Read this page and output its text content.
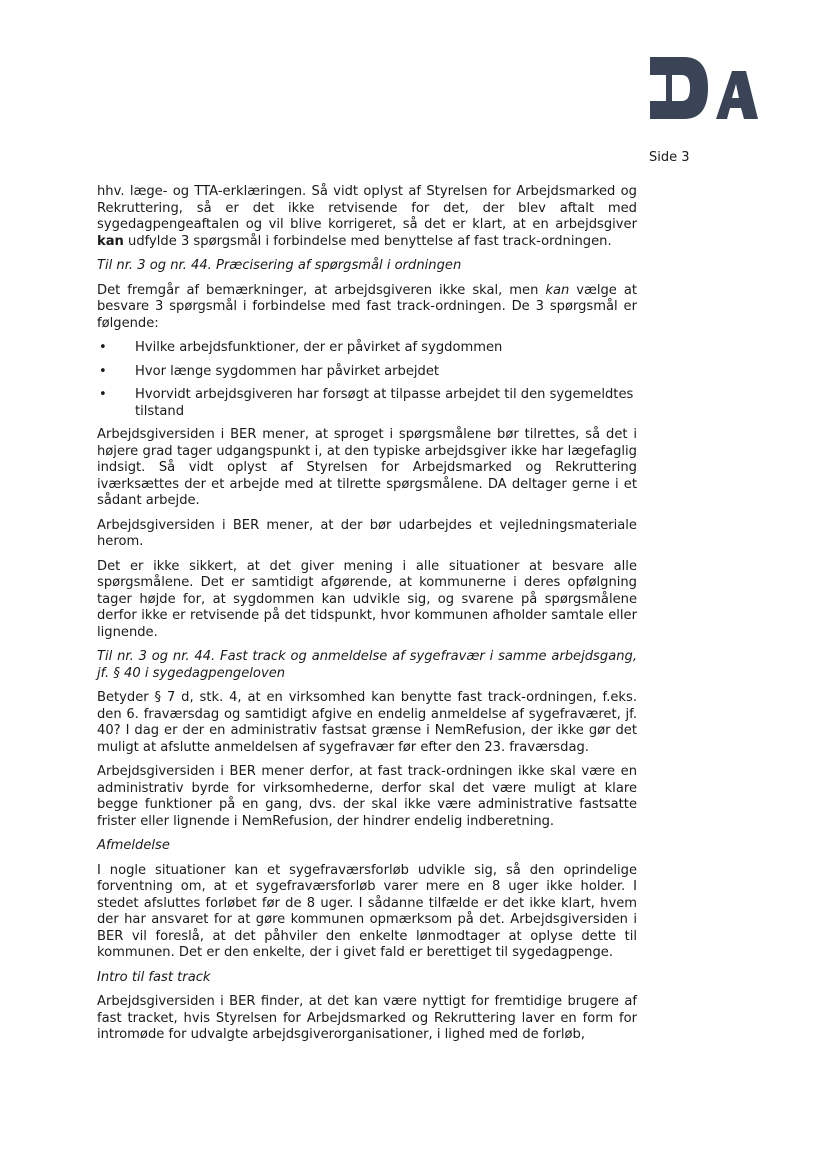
Side 3

hhv. læge- og TTA-erklæringen. Så vidt oplyst af Styrelsen for Arbejdsmarked og Rekruttering, så er det ikke retvisende for det, der blev aftalt med sygedagpengeaftalen og vil blive korrigeret, så det er klart, at en arbejdsgiver kan udfylde 3 spørgsmål i forbindelse med benyttelse af fast track-ordningen.

Til nr. 3 og nr. 44. Præcisering af spørgsmål i ordningen

Det fremgår af bemærkninger, at arbejdsgiveren ikke skal, men kan vælge at besvare 3 spørgsmål i forbindelse med fast track-ordningen. De 3 spørgsmål er følgende:

• Hvilke arbejdsfunktioner, der er påvirket af sygdommen
• Hvor længe sygdommen har påvirket arbejdet
• Hvorvidt arbejdsgiveren har forsøgt at tilpasse arbejdet til den sygemeldtes tilstand

Arbejdsgiversiden i BER mener, at sproget i spørgsmålene bør tilrettes, så det i højere grad tager udgangspunkt i, at den typiske arbejdsgiver ikke har lægefaglig indsigt. Så vidt oplyst af Styrelsen for Arbejdsmarked og Rekruttering iværksættes der et arbejde med at tilrette spørgsmålene. DA deltager gerne i et sådant arbejde.

Arbejdsgiversiden i BER mener, at der bør udarbejdes et vejledningsmateriale herom.

Det er ikke sikkert, at det giver mening i alle situationer at besvare alle spørgsmålene. Det er samtidigt afgørende, at kommunerne i deres opfølgning tager højde for, at sygdommen kan udvikle sig, og svarene på spørgsmålene derfor ikke er retvisende på det tidspunkt, hvor kommunen afholder samtale eller lignende.

Til nr. 3 og nr. 44. Fast track og anmeldelse af sygefravær i samme arbejdsgang, jf. § 40 i sygedagpengeloven

Betyder § 7 d, stk. 4, at en virksomhed kan benytte fast track-ordningen, f.eks. den 6. fraværsdag og samtidigt afgive en endelig anmeldelse af sygefraværet, jf. 40? I dag er der en administrativ fastsat grænse i NemRefusion, der ikke gør det muligt at afslutte anmeldelsen af sygefravær før efter den 23. fraværsdag.

Arbejdsgiversiden i BER mener derfor, at fast track-ordningen ikke skal være en administrativ byrde for virksomhederne, derfor skal det være muligt at klare begge funktioner på en gang, dvs. der skal ikke være administrative fastsatte frister eller lignende i NemRefusion, der hindrer endelig indberetning.

Afmeldelse

I nogle situationer kan et sygefraværsforløb udvikle sig, så den oprindelige forventning om, at et sygefraværsforløb varer mere en 8 uger ikke holder. I stedet afsluttes forløbet før de 8 uger. I sådanne tilfælde er det ikke klart, hvem der har ansvaret for at gøre kommunen opmærksom på det. Arbejdsgiversiden i BER vil foreslå, at det påhviler den enkelte lønmodtager at oplyse dette til kommunen. Det er den enkelte, der i givet fald er berettiget til sygedagpenge.

Intro til fast track

Arbejdsgiversiden i BER finder, at det kan være nyttigt for fremtidige brugere af fast tracket, hvis Styrelsen for Arbejdsmarked og Rekruttering laver en form for intromøde for udvalgte arbejdsgiverorganisationer, i lighed med de forløb,
